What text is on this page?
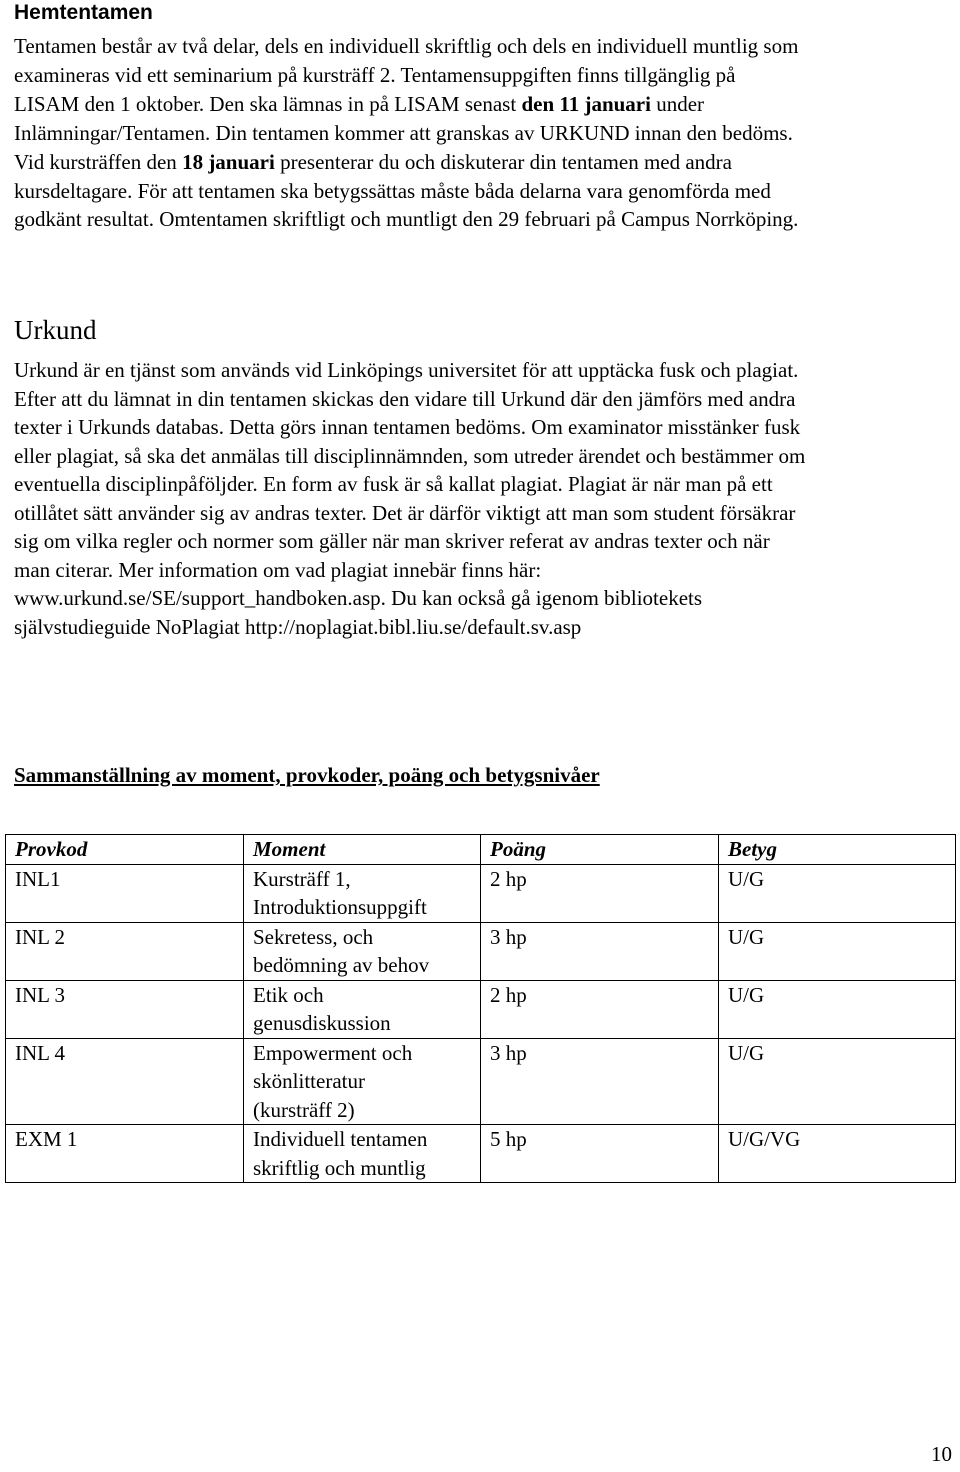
Hemtentamen
Tentamen består av två delar, dels en individuell skriftlig och dels en individuell muntlig som
examineras vid ett seminarium på kursträff 2. Tentamensuppgiften finns tillgänglig på
LISAM den 1 oktober. Den ska lämnas in på LISAM senast den 11 januari under
Inlämningar/Tentamen. Din tentamen kommer att granskas av URKUND innan den bedöms.
Vid kursträffen den 18 januari presenterar du och diskuterar din tentamen med andra
kursdeltagare. För att tentamen ska betygssättas måste båda delarna vara genomförda med
godkänt resultat. Omtentamen skriftligt och muntligt den 29 februari på Campus Norrköping.
Urkund
Urkund är en tjänst som används vid Linköpings universitet för att upptäcka fusk och plagiat.
Efter att du lämnat in din tentamen skickas den vidare till Urkund där den jämförs med andra
texter i Urkunds databas. Detta görs innan tentamen bedöms. Om examinator misstänker fusk
eller plagiat, så ska det anmälas till disciplinnämnden, som utreder ärendet och bestämmer om
eventuella disciplinpåföljder. En form av fusk är så kallat plagiat. Plagiat är när man på ett
otillåtet sätt använder sig av andras texter. Det är därför viktigt att man som student försäkrar
sig om vilka regler och normer som gäller när man skriver referat av andras texter och när
man citerar. Mer information om vad plagiat innebär finns här:
www.urkund.se/SE/support_handboken.asp. Du kan också gå igenom bibliotekets
självstudieguide NoPlagiat http://noplagiat.bibl.liu.se/default.sv.asp
Sammanställning av moment, provkoder, poäng och betygsnivåer
Provkod	Moment	Poäng	Betyg
INL1	Kursträff 1,
Introduktionsuppgift	2 hp	U/G
INL 2	Sekretess, och
bedömning av behov	3 hp	U/G
INL 3	Etik och
genusdiskussion	2 hp	U/G
INL 4	Empowerment och
skönlitteratur
(kursträff 2)	3 hp	U/G
EXM 1	Individuell tentamen
skriftlig och muntlig	5 hp	U/G/VG
10
